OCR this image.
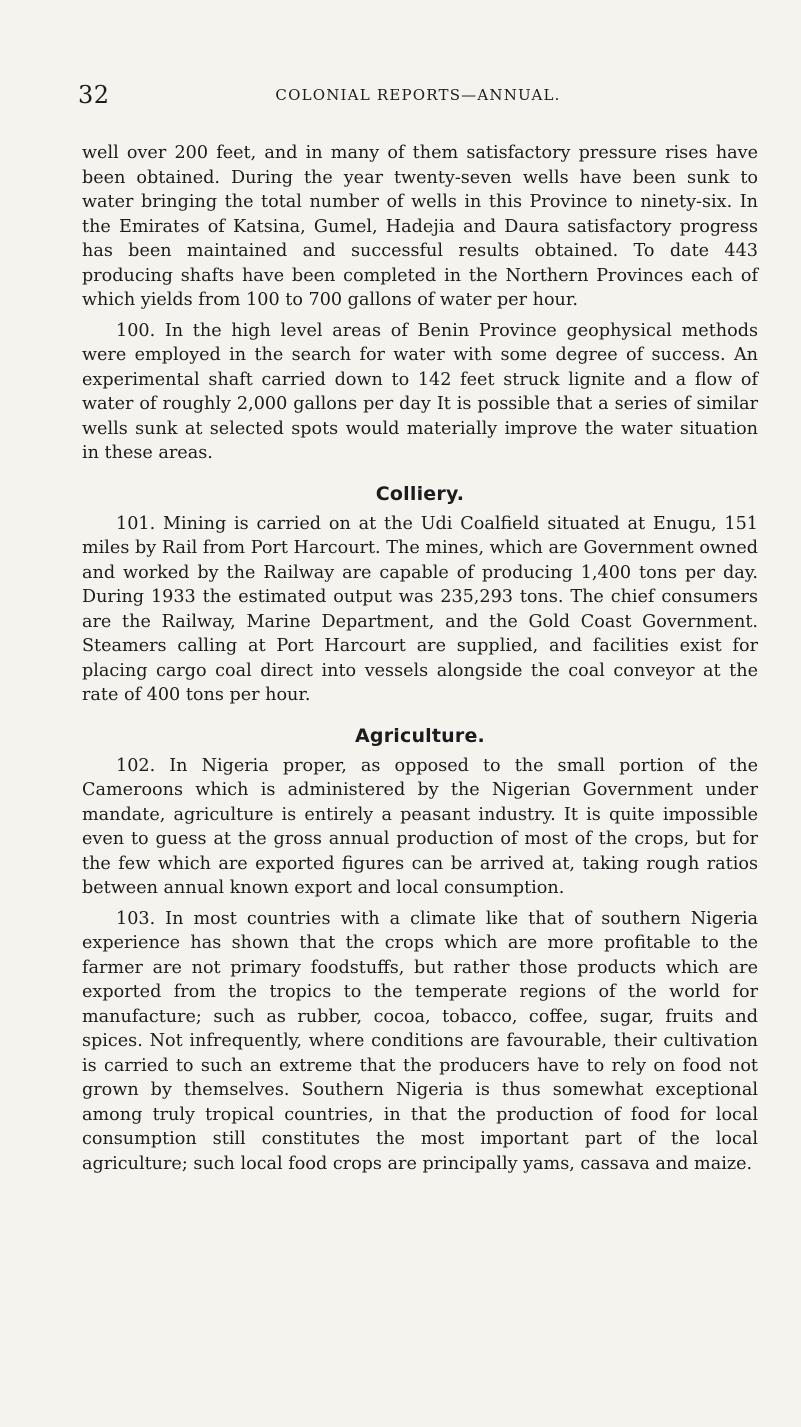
32	COLONIAL REPORTS—ANNUAL.

well over 200 feet, and in many of them satisfactory pressure rises have been obtained. During the year twenty-seven wells have been sunk to water bringing the total number of wells in this Province to ninety-six. In the Emirates of Katsina, Gumel, Hadejia and Daura satisfactory progress has been maintained and successful results obtained. To date 443 producing shafts have been completed in the Northern Provinces each of which yields from 100 to 700 gallons of water per hour.

100. In the high level areas of Benin Province geophysical methods were employed in the search for water with some degree of success. An experimental shaft carried down to 142 feet struck lignite and a flow of water of roughly 2,000 gallons per day It is possible that a series of similar wells sunk at selected spots would materially improve the water situation in these areas.

Colliery.

101. Mining is carried on at the Udi Coalfield situated at Enugu, 151 miles by Rail from Port Harcourt. The mines, which are Government owned and worked by the Railway are capable of producing 1,400 tons per day. During 1933 the estimated output was 235,293 tons. The chief consumers are the Railway, Marine Department, and the Gold Coast Government. Steamers calling at Port Harcourt are supplied, and facilities exist for placing cargo coal direct into vessels alongside the coal conveyor at the rate of 400 tons per hour.

Agriculture.

102. In Nigeria proper, as opposed to the small portion of the Cameroons which is administered by the Nigerian Government under mandate, agriculture is entirely a peasant industry. It is quite impossible even to guess at the gross annual production of most of the crops, but for the few which are exported figures can be arrived at, taking rough ratios between annual known export and local consumption.

103. In most countries with a climate like that of southern Nigeria experience has shown that the crops which are more profitable to the farmer are not primary foodstuffs, but rather those products which are exported from the tropics to the temperate regions of the world for manufacture; such as rubber, cocoa, tobacco, coffee, sugar, fruits and spices. Not infrequently, where conditions are favourable, their cultivation is carried to such an extreme that the producers have to rely on food not grown by themselves. Southern Nigeria is thus somewhat exceptional among truly tropical countries, in that the production of food for local consumption still constitutes the most important part of the local agriculture; such local food crops are principally yams, cassava and maize.
